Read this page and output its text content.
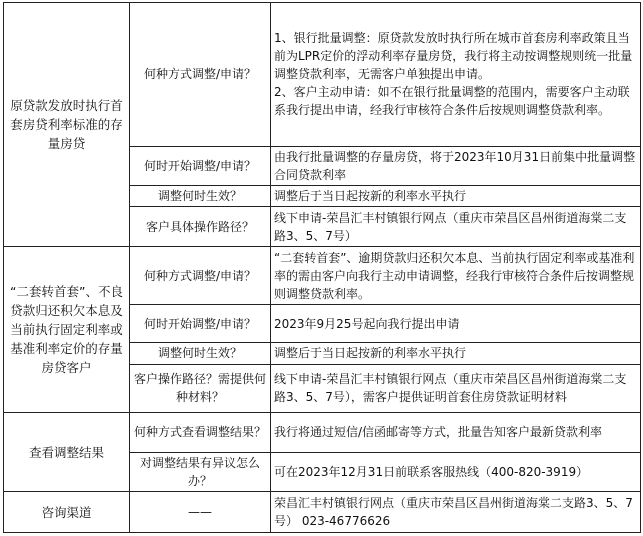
原贷款发放时执行首套房贷利率标准的存量房贷	何种方式调整/申请？	1、银行批量调整：原贷款发放时执行所在城市首套房利率政策且当前为LPR定价的浮动利率存量房贷，我行将主动按调整规则统一批量调整贷款利率，无需客户单独提出申请。
2、客户主动申请：如不在银行批量调整的范围内，需要客户主动联系我行提出申请，经我行审核符合条件后按规则调整贷款利率。

	何时开始调整/申请？	由我行批量调整的存量房贷，将于2023年10月31日前集中批量调整合同贷款利率
	调整何时生效？	调整后于当日起按新的利率水平执行
	客户具体操作路径？	线下申请-荣昌汇丰村镇银行网点（重庆市荣昌区昌州街道海棠二支路3、5、7号）
“二套转首套”、不良贷款归还积欠本息及当前执行固定利率或基准利率定价的存量房贷客户	何种方式调整/申请？	“二套转首套”、逾期贷款归还积欠本息、当前执行固定利率或基准利率的需由客户向我行主动申请调整，经我行审核符合条件后按调整规则调整贷款利率。
	何时开始调整/申请？	2023年9月25号起向我行提出申请
	调整何时生效？	调整后于当日起按新的利率水平执行
	客户操作路径？需提供何种材料？	线下申请-荣昌汇丰村镇银行网点（重庆市荣昌区昌州街道海棠二支路3、5、7号），需客户提供证明首套住房贷款证明材料
查看调整结果	何种方式查看调整结果？	我行将通过短信/信函邮寄等方式，批量告知客户最新贷款利率
	对调整结果有异议怎么办？	可在2023年12月31日前联系客服热线（400-820-3919）
咨询渠道	——	荣昌汇丰村镇银行网点（重庆市荣昌区昌州街道海棠二支路3、5、7号） 023-46776626
